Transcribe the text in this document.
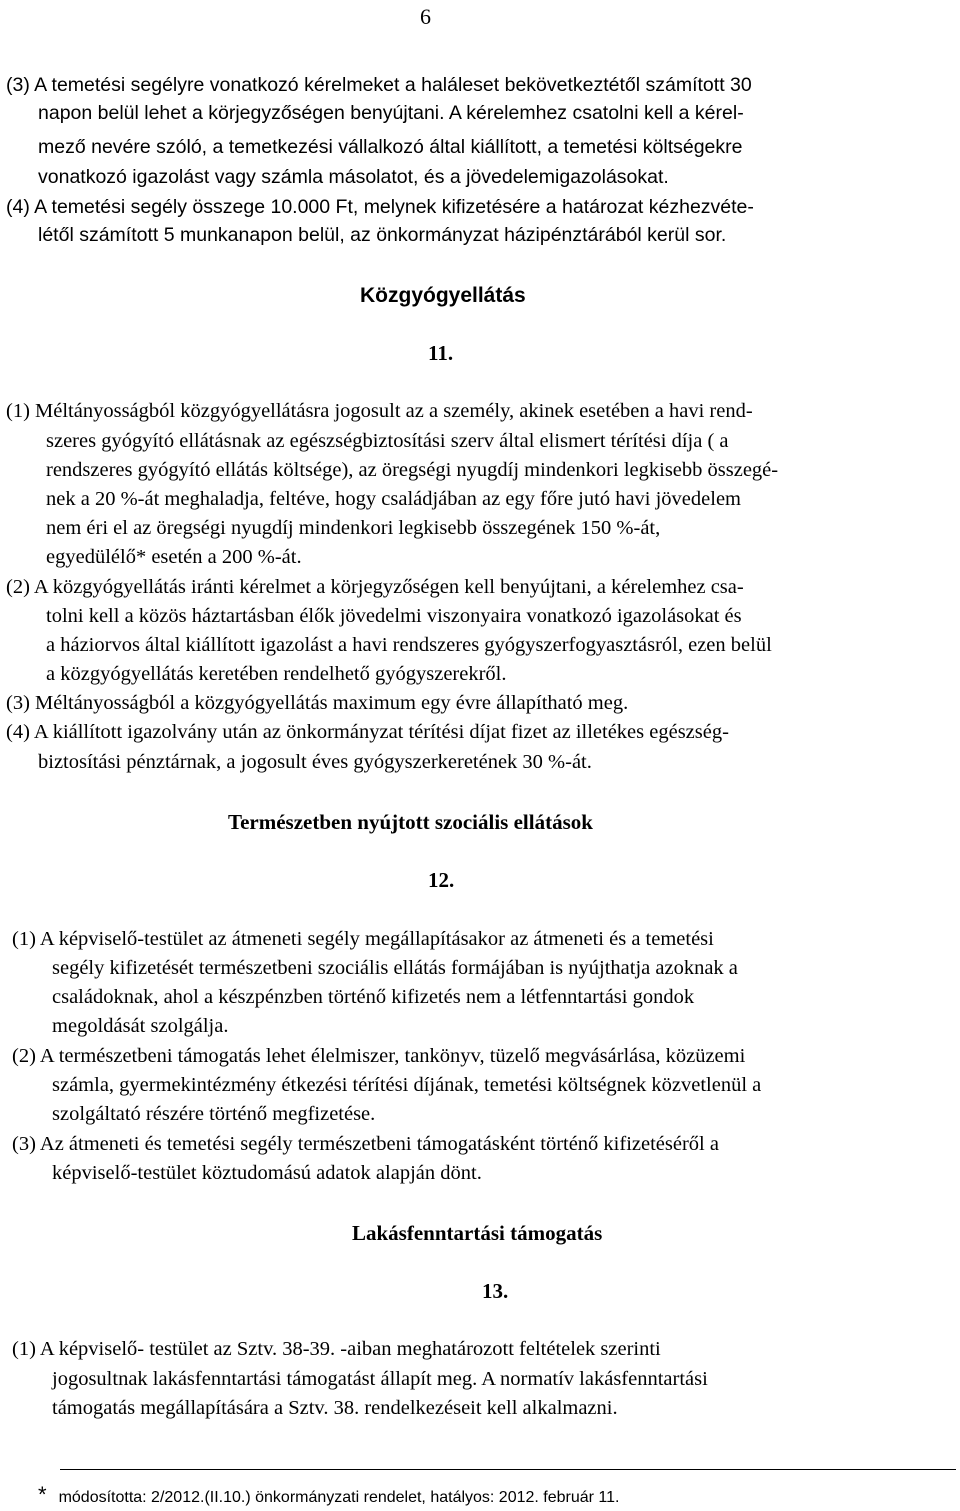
6
(3) A temetési segélyre vonatkozó kérelmeket a haláleset bekövetkeztétől számított 30
napon belül lehet a körjegyzőségen benyújtani. A kérelemhez csatolni kell a kérel-
mező nevére szóló, a temetkezési vállalkozó által kiállított, a temetési költségekre
vonatkozó igazolást vagy számla másolatot, és a jövedelemigazolásokat.
(4) A temetési segély összege 10.000 Ft, melynek kifizetésére a határozat kézhezvéte-
létől számított 5 munkanapon belül, az önkormányzat házipénztárából kerül sor.
Közgyógyellátás
11.
(1) Méltányosságból közgyógyellátásra jogosult az a személy, akinek esetében a havi rend-
szeres gyógyító ellátásnak az egészségbiztosítási szerv által elismert térítési díja ( a
rendszeres gyógyító ellátás költsége), az öregségi nyugdíj mindenkori legkisebb összegé-
nek a 20 %-át meghaladja, feltéve, hogy családjában az egy főre jutó havi jövedelem
nem éri el az öregségi nyugdíj mindenkori legkisebb összegének 150 %-át,
egyedülélő* esetén a 200 %-át.
(2) A közgyógyellátás iránti kérelmet a körjegyzőségen kell benyújtani, a kérelemhez csa-
tolni kell a közös háztartásban élők jövedelmi viszonyaira vonatkozó igazolásokat és
a háziorvos által kiállított igazolást a havi rendszeres gyógyszerfogyasztásról, ezen belül
a közgyógyellátás keretében rendelhető gyógyszerekről.
(3) Méltányosságból a közgyógyellátás maximum egy évre állapítható meg.
(4) A kiállított igazolvány után az önkormányzat térítési díjat fizet az illetékes egészség-
biztosítási pénztárnak, a jogosult éves gyógyszerkeretének 30 %-át.
Természetben nyújtott szociális ellátások
12.
(1) A képviselő-testület az átmeneti segély megállapításakor az átmeneti és a temetési
segély kifizetését természetbeni szociális ellátás formájában is nyújthatja azoknak a
családoknak, ahol a készpénzben történő kifizetés nem a létfenntartási gondok
megoldását szolgálja.
(2) A természetbeni támogatás lehet élelmiszer, tankönyv, tüzelő megvásárlása, közüzemi
számla, gyermekintézmény étkezési térítési díjának, temetési költségnek közvetlenül a
szolgáltató részére történő megfizetése.
(3) Az átmeneti és temetési segély természetbeni támogatásként történő kifizetéséről a
képviselő-testület köztudomású adatok alapján dönt.
Lakásfenntartási támogatás
13.
(1) A képviselő- testület az Sztv. 38-39. -aiban meghatározott feltételek szerinti
jogosultnak lakásfenntartási támogatást állapít meg. A normatív lakásfenntartási
támogatás megállapítására a Sztv. 38. rendelkezéseit kell alkalmazni.
* módosította: 2/2012.(II.10.) önkormányzati rendelet, hatályos: 2012. február 11.
